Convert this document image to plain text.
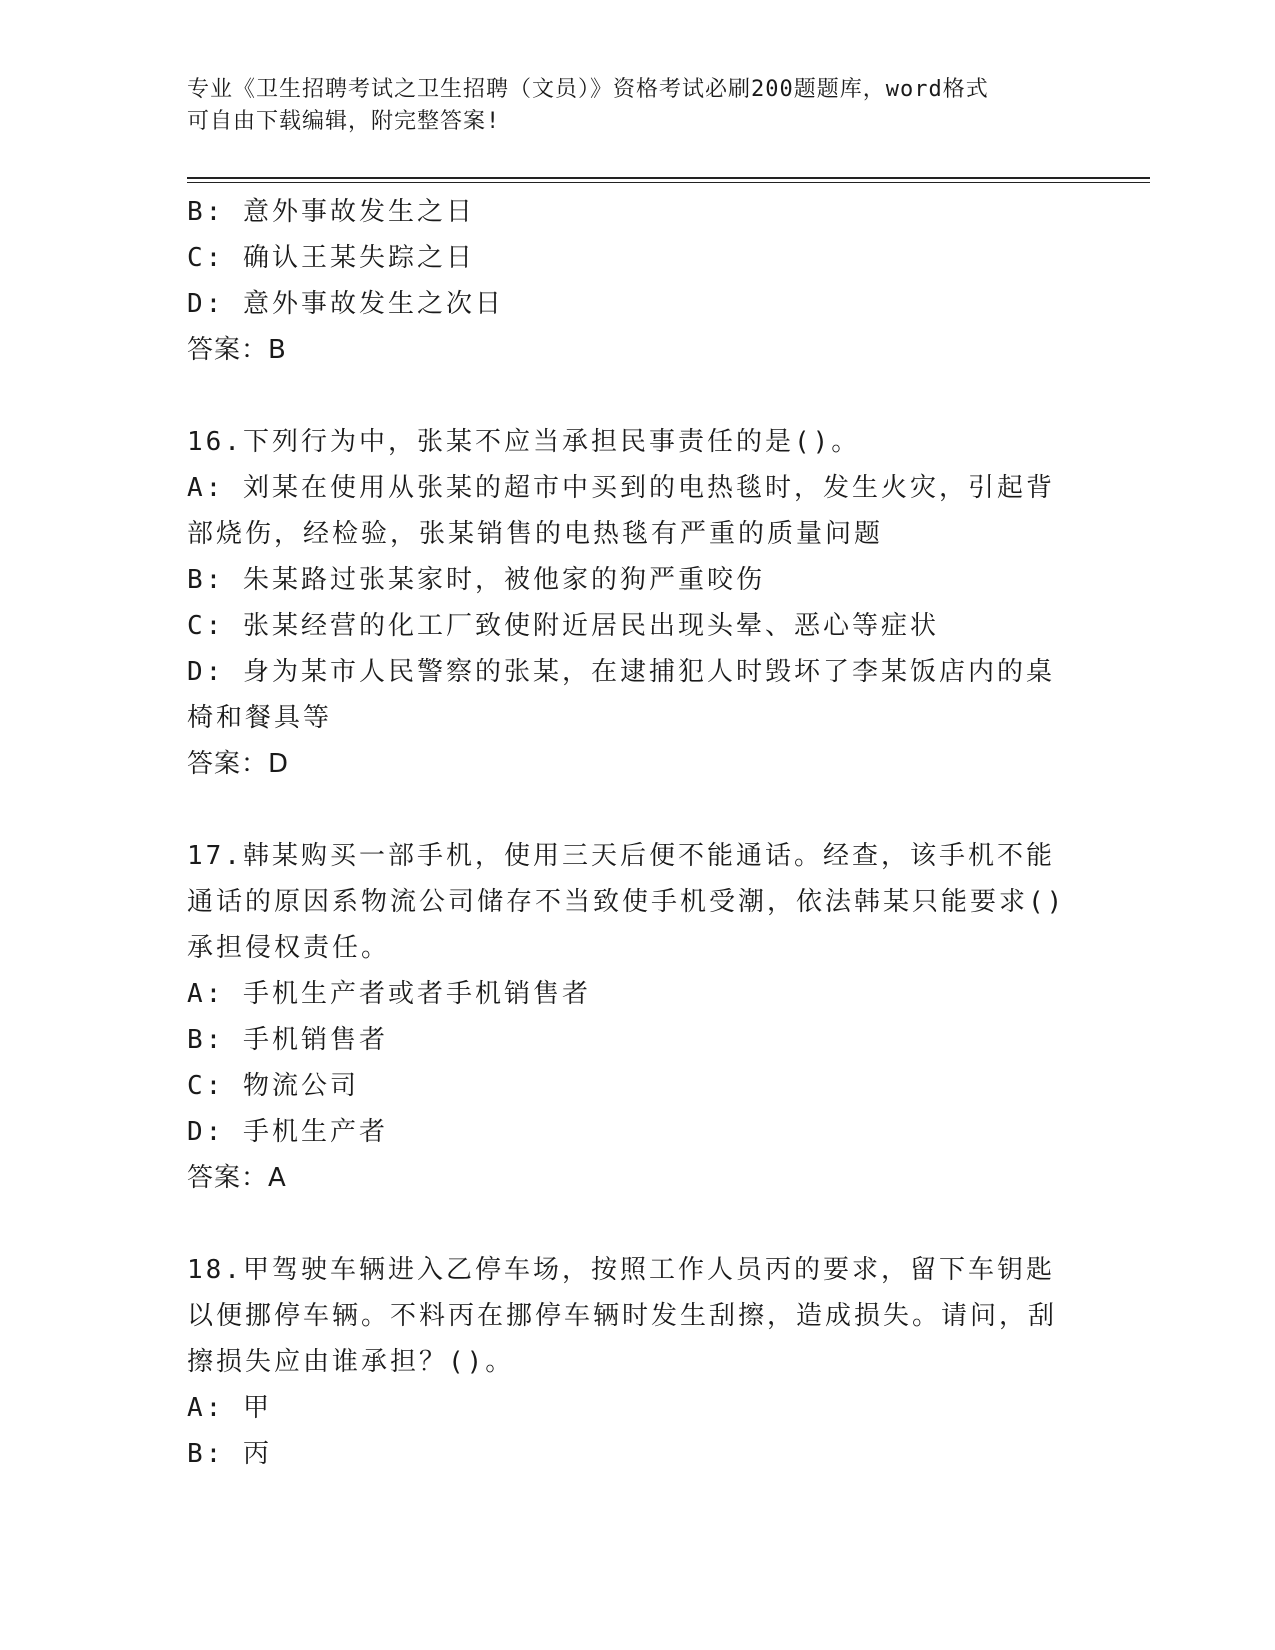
专业《卫生招聘考试之卫生招聘（文员）》资格考试必刷200题题库，word格式
可自由下载编辑，附完整答案!

B: 意外事故发生之日

C: 确认王某失踪之日

D: 意外事故发生之次日

答案：B

16.下列行为中，张某不应当承担民事责任的是()。

A: 刘某在使用从张某的超市中买到的电热毯时，发生火灾，引起背部烧伤，经检验，张某销售的电热毯有严重的质量问题

B: 朱某路过张某家时，被他家的狗严重咬伤

C: 张某经营的化工厂致使附近居民出现头晕、恶心等症状

D: 身为某市人民警察的张某，在逮捕犯人时毁坏了李某饭店内的桌椅和餐具等

答案：D

17.韩某购买一部手机，使用三天后便不能通话。经查，该手机不能通话的原因系物流公司储存不当致使手机受潮，依法韩某只能要求()承担侵权责任。

A: 手机生产者或者手机销售者

B: 手机销售者

C: 物流公司

D: 手机生产者

答案：A

18.甲驾驶车辆进入乙停车场，按照工作人员丙的要求，留下车钥匙以便挪停车辆。不料丙在挪停车辆时发生刮擦，造成损失。请问，刮擦损失应由谁承担？()。

A: 甲

B: 丙
